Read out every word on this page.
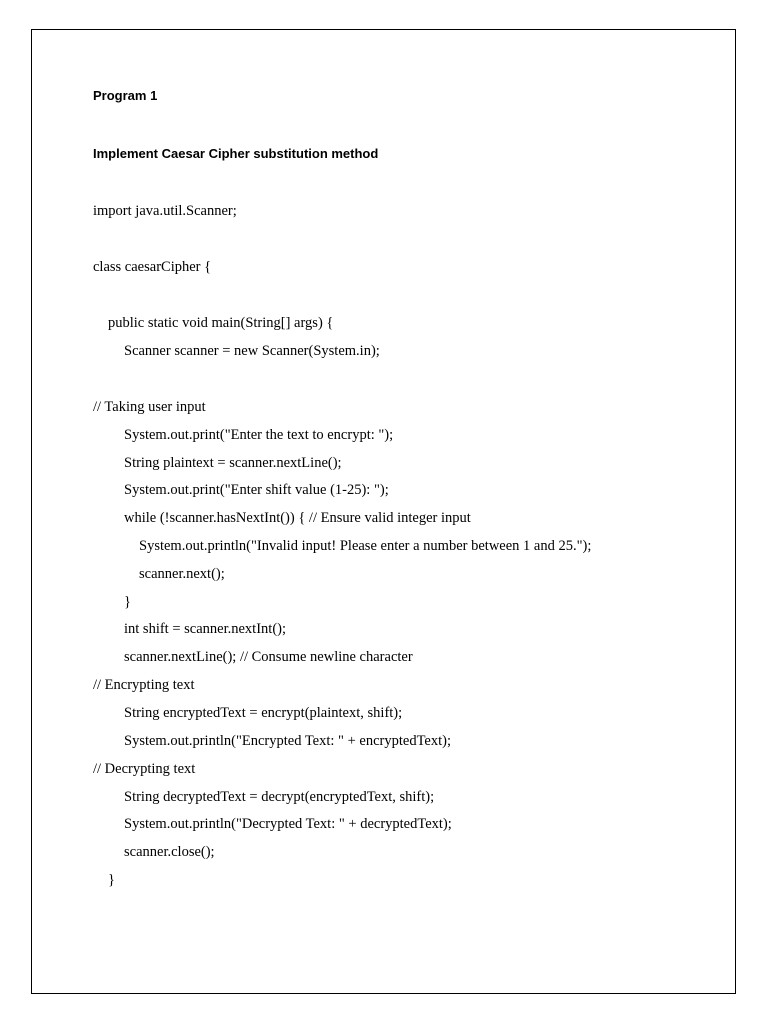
Program 1
Implement Caesar Cipher substitution method
import java.util.Scanner;
class caesarCipher {
public static void main(String[] args) {
Scanner scanner = new Scanner(System.in);
// Taking user input
System.out.print("Enter the text to encrypt: ");
String plaintext = scanner.nextLine();
System.out.print("Enter shift value (1-25): ");
while (!scanner.hasNextInt()) { // Ensure valid integer input
System.out.println("Invalid input! Please enter a number between 1 and 25.");
scanner.next();
}
int shift = scanner.nextInt();
scanner.nextLine(); // Consume newline character
// Encrypting text
String encryptedText = encrypt(plaintext, shift);
System.out.println("Encrypted Text: " + encryptedText);
// Decrypting text
String decryptedText = decrypt(encryptedText, shift);
System.out.println("Decrypted Text: " + decryptedText);
scanner.close();
}
